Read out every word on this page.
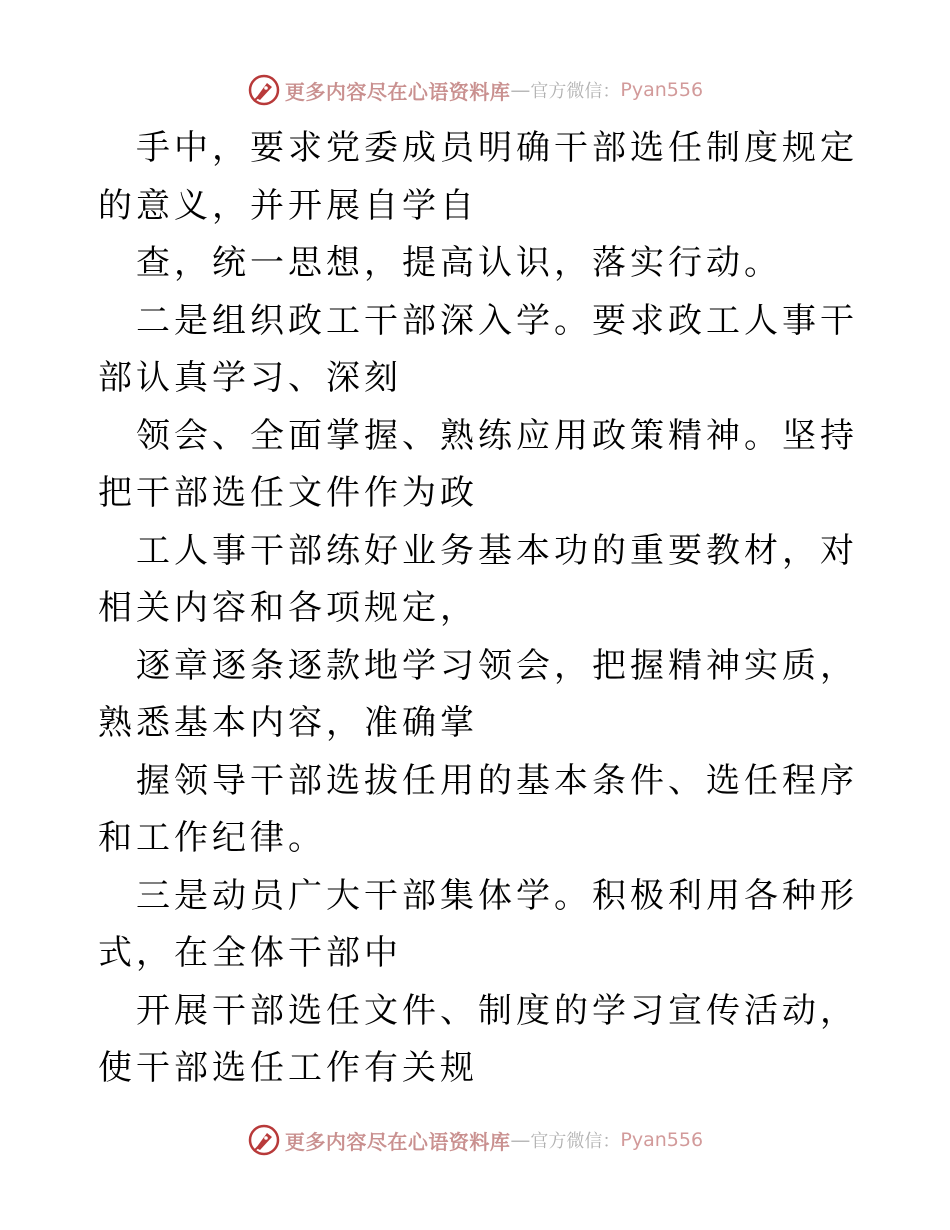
更多内容尽在心语资料库 — 官方微信： Pyan556

手中，要求党委成员明确干部选任制度规定的意义，并开展自学自

查，统一思想，提高认识，落实行动。

二是组织政工干部深入学。要求政工人事干部认真学习、深刻

领会、全面掌握、熟练应用政策精神。坚持把干部选任文件作为政

工人事干部练好业务基本功的重要教材，对相关内容和各项规定，

逐章逐条逐款地学习领会，把握精神实质，熟悉基本内容，准确掌

握领导干部选拔任用的基本条件、选任程序和工作纪律。

三是动员广大干部集体学。积极利用各种形式，在全体干部中

开展干部选任文件、制度的学习宣传活动，使干部选任工作有关规

更多内容尽在心语资料库 — 官方微信： Pyan556
